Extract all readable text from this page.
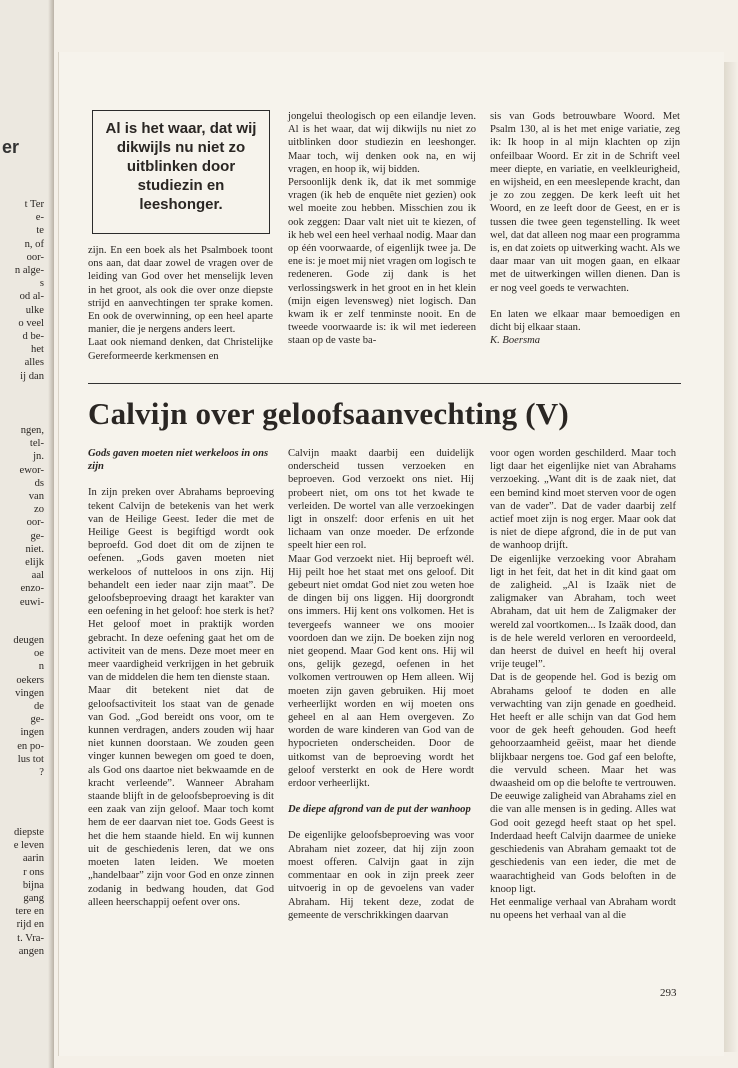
er
t Ter
e-
te
n, of
oor-
n alge-
s
od al-
ulke
o veel
d be-
het
alles
ij dan
ngen,
tel-
jn.
ewor-
ds
van
zo
oor-
ge-
niet.
elijk
aal
enzo-
euwi-
deugen
oe
n
oekers
vingen
de
ge-
ingen
en po-
lus tot
?
diepste
e leven
aarin
r ons
bijna
gang
tere en
rijd en
t. Vra-
angen
Al is het waar, dat wij dikwijls nu niet zo uitblinken door studiezin en leeshonger.

zijn. En een boek als het Psalmboek toont ons aan, dat daar zowel de vragen over de leiding van God over het menselijk leven in het groot, als ook die over onze diepste strijd en aanvechtingen ter sprake komen. En ook de overwinning, op een heel aparte manier, die je nergens anders leert.

Laat ook niemand denken, dat Christelijke Gereformeerde kerkmensen en

jongelui theologisch op een eilandje leven. Al is het waar, dat wij dikwijls nu niet zo uitblinken door studiezin en leeshonger. Maar toch, wij denken ook na, en wij vragen, en hoop ik, wij bidden.

Persoonlijk denk ik, dat ik met sommige vragen (ik heb de enquête niet gezien) ook wel moeite zou hebben. Misschien zou ik ook zeggen: Daar valt niet uit te kiezen, of ik heb wel een heel verhaal nodig. Maar dan op één voorwaarde, of eigenlijk twee ja. De ene is: je moet mij niet vragen om logisch te redeneren. Gode zij dank is het verlossingswerk in het groot en in het klein (mijn eigen levensweg) niet logisch. Dan kwam ik er zelf tenminste nooit. En de tweede voorwaarde is: ik wil met iedereen staan op de vaste ba-

sis van Gods betrouwbare Woord. Met Psalm 130, al is het met enige variatie, zeg ik: Ik hoop in al mijn klachten op zijn onfeilbaar Woord. Er zit in de Schrift veel meer diepte, en variatie, en veelkleurigheid, en wijsheid, en een meeslepende kracht, dan je zo zou zeggen. De kerk leeft uit het Woord, en ze leeft door de Geest, en er is tussen die twee geen tegenstelling. Ik weet wel, dat dat alleen nog maar een programma is, en dat zoiets op uitwerking wacht. Als we daar maar van uit mogen gaan, en elkaar met de uitwerkingen willen dienen. Dan is er nog veel goeds te verwachten.

En laten we elkaar maar bemoedigen en dicht bij elkaar staan.

K. Boersma

Calvijn over geloofsaanvechting (V)

Gods gaven moeten niet werkeloos in ons zijn

In zijn preken over Abrahams beproeving tekent Calvijn de betekenis van het werk van de Heilige Geest. Ieder die met de Heilige Geest is begiftigd wordt ook beproefd. God doet dit om de zijnen te oefenen. „Gods gaven moeten niet werkeloos of nutteloos in ons zijn. Hij behandelt een ieder naar zijn maat”. De geloofsbeproeving draagt het karakter van een oefening in het geloof: hoe sterk is het? Het geloof moet in praktijk worden gebracht. In deze oefening gaat het om de activiteit van de mens. Deze moet meer en meer vaardigheid verkrijgen in het gebruik van de middelen die hem ten dienste staan.

Maar dit betekent niet dat de geloofsactiviteit los staat van de genade van God. „God bereidt ons voor, om te kunnen verdragen, anders zouden wij haar niet kunnen doorstaan. We zouden geen vinger kunnen bewegen om goed te doen, als God ons daartoe niet bekwaamde en de kracht verleende”. Wanneer Abraham staande blijft in de geloofsbeproeving is dit een zaak van zijn geloof. Maar toch komt hem de eer daarvan niet toe. Gods Geest is het die hem staande hield. En wij kunnen uit de geschiedenis leren, dat we ons moeten laten leiden. We moeten „handelbaar” zijn voor God en onze zinnen zodanig in bedwang houden, dat God alleen heerschappij oefent over ons.

Calvijn maakt daarbij een duidelijk onderscheid tussen verzoeken en beproeven. God verzoekt ons niet. Hij probeert niet, om ons tot het kwade te verleiden. De wortel van alle verzoekingen ligt in onszelf: door erfenis en uit het lichaam van onze moeder. De erfzonde speelt hier een rol.

Maar God verzoekt niet. Hij beproeft wél. Hij peilt hoe het staat met ons geloof. Dit gebeurt niet omdat God niet zou weten hoe de dingen bij ons liggen. Hij doorgrondt ons immers. Hij kent ons volkomen. Het is tevergeefs wanneer we ons mooier voordoen dan we zijn. De boeken zijn nog niet geopend. Maar God kent ons. Hij wil ons, gelijk gezegd, oefenen in het volkomen vertrouwen op Hem alleen. Wij moeten zijn gaven gebruiken. Hij moet verheerlijkt worden en wij moeten ons geheel en al aan Hem overgeven. Zo worden de ware kinderen van God van de hypocrieten onderscheiden. Door de uitkomst van de beproeving wordt het geloof versterkt en ook de Here wordt erdoor verheerlijkt.

De diepe afgrond van de put der wanhoop

De eigenlijke geloofsbeproeving was voor Abraham niet zozeer, dat hij zijn zoon moest offeren. Calvijn gaat in zijn commentaar en ook in zijn preek zeer uitvoerig in op de gevoelens van vader Abraham. Hij tekent deze, zodat de gemeente de verschrikkingen daarvan

voor ogen worden geschilderd. Maar toch ligt daar het eigenlijke niet van Abrahams verzoeking. „Want dit is de zaak niet, dat een bemind kind moet sterven voor de ogen van de vader”. Dat de vader daarbij zelf actief moet zijn is nog erger. Maar ook dat is niet de diepe afgrond, die in de put van de wanhoop drijft.

De eigenlijke verzoeking voor Abraham ligt in het feit, dat het in dit kind gaat om de zaligheid. „Al is Izaäk niet de zaligmaker van Abraham, toch weet Abraham, dat uit hem de Zaligmaker der wereld zal voortkomen... Is Izaäk dood, dan is de hele wereld verloren en veroordeeld, dan heerst de duivel en heeft hij overal vrije teugel”.

Dat is de geopende hel. God is bezig om Abrahams geloof te doden en alle verwachting van zijn genade en goedheid. Het heeft er alle schijn van dat God hem voor de gek heeft gehouden. God heeft gehoorzaamheid geëist, maar het diende blijkbaar nergens toe. God gaf een belofte, die vervuld scheen. Maar het was dwaasheid om op die belofte te vertrouwen. De eeuwige zaligheid van Abrahams ziel en die van alle mensen is in geding. Alles wat God ooit gezegd heeft staat op het spel. Inderdaad heeft Calvijn daarmee de unieke geschiedenis van Abraham gemaakt tot de geschiedenis van een ieder, die met de waarachtigheid van Gods beloften in de knoop ligt.

Het eenmalige verhaal van Abraham wordt nu opeens het verhaal van al die

293
